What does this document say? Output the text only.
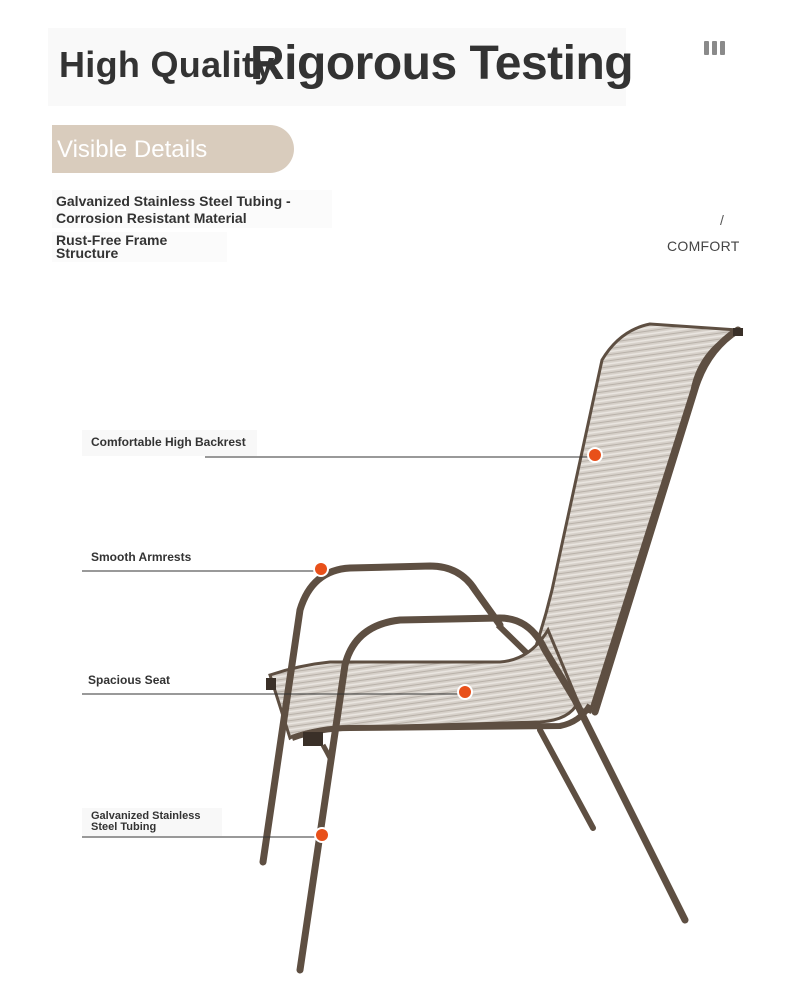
High Quality
Rigorous Testing
Visible Details
Galvanized Stainless Steel Tubing - Corrosion Resistant Material
Rust-Free Frame Structure
/
COMFORT
Comfortable High Backrest
Smooth Armrests
Spacious Seat
Galvanized Stainless Steel Tubing
